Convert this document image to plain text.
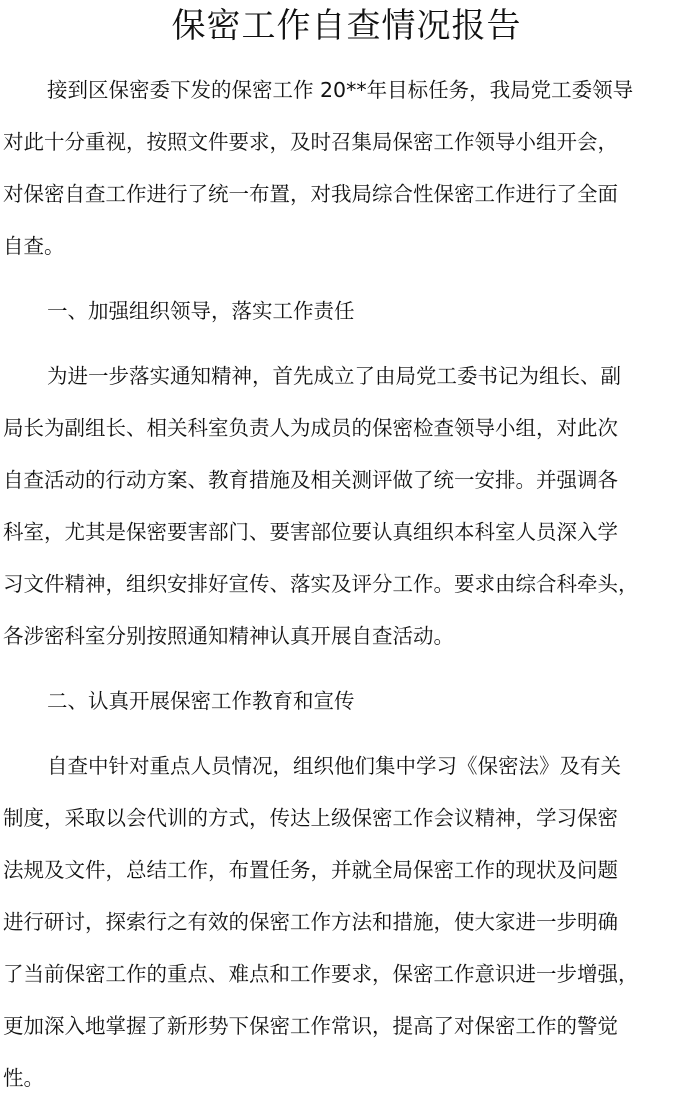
保密工作自查情况报告

接到区保密委下发的保密工作 20**年目标任务，我局党工委领导

对此十分重视，按照文件要求，及时召集局保密工作领导小组开会，

对保密自查工作进行了统一布置，对我局综合性保密工作进行了全面

自查。

一、加强组织领导，落实工作责任

为进一步落实通知精神，首先成立了由局党工委书记为组长、副

局长为副组长、相关科室负责人为成员的保密检查领导小组，对此次

自查活动的行动方案、教育措施及相关测评做了统一安排。并强调各

科室，尤其是保密要害部门、要害部位要认真组织本科室人员深入学

习文件精神，组织安排好宣传、落实及评分工作。要求由综合科牵头，

各涉密科室分别按照通知精神认真开展自查活动。

二、认真开展保密工作教育和宣传

自查中针对重点人员情况，组织他们集中学习《保密法》及有关

制度，采取以会代训的方式，传达上级保密工作会议精神，学习保密

法规及文件，总结工作，布置任务，并就全局保密工作的现状及问题

进行研讨，探索行之有效的保密工作方法和措施，使大家进一步明确

了当前保密工作的重点、难点和工作要求，保密工作意识进一步增强，

更加深入地掌握了新形势下保密工作常识，提高了对保密工作的警觉

性。
